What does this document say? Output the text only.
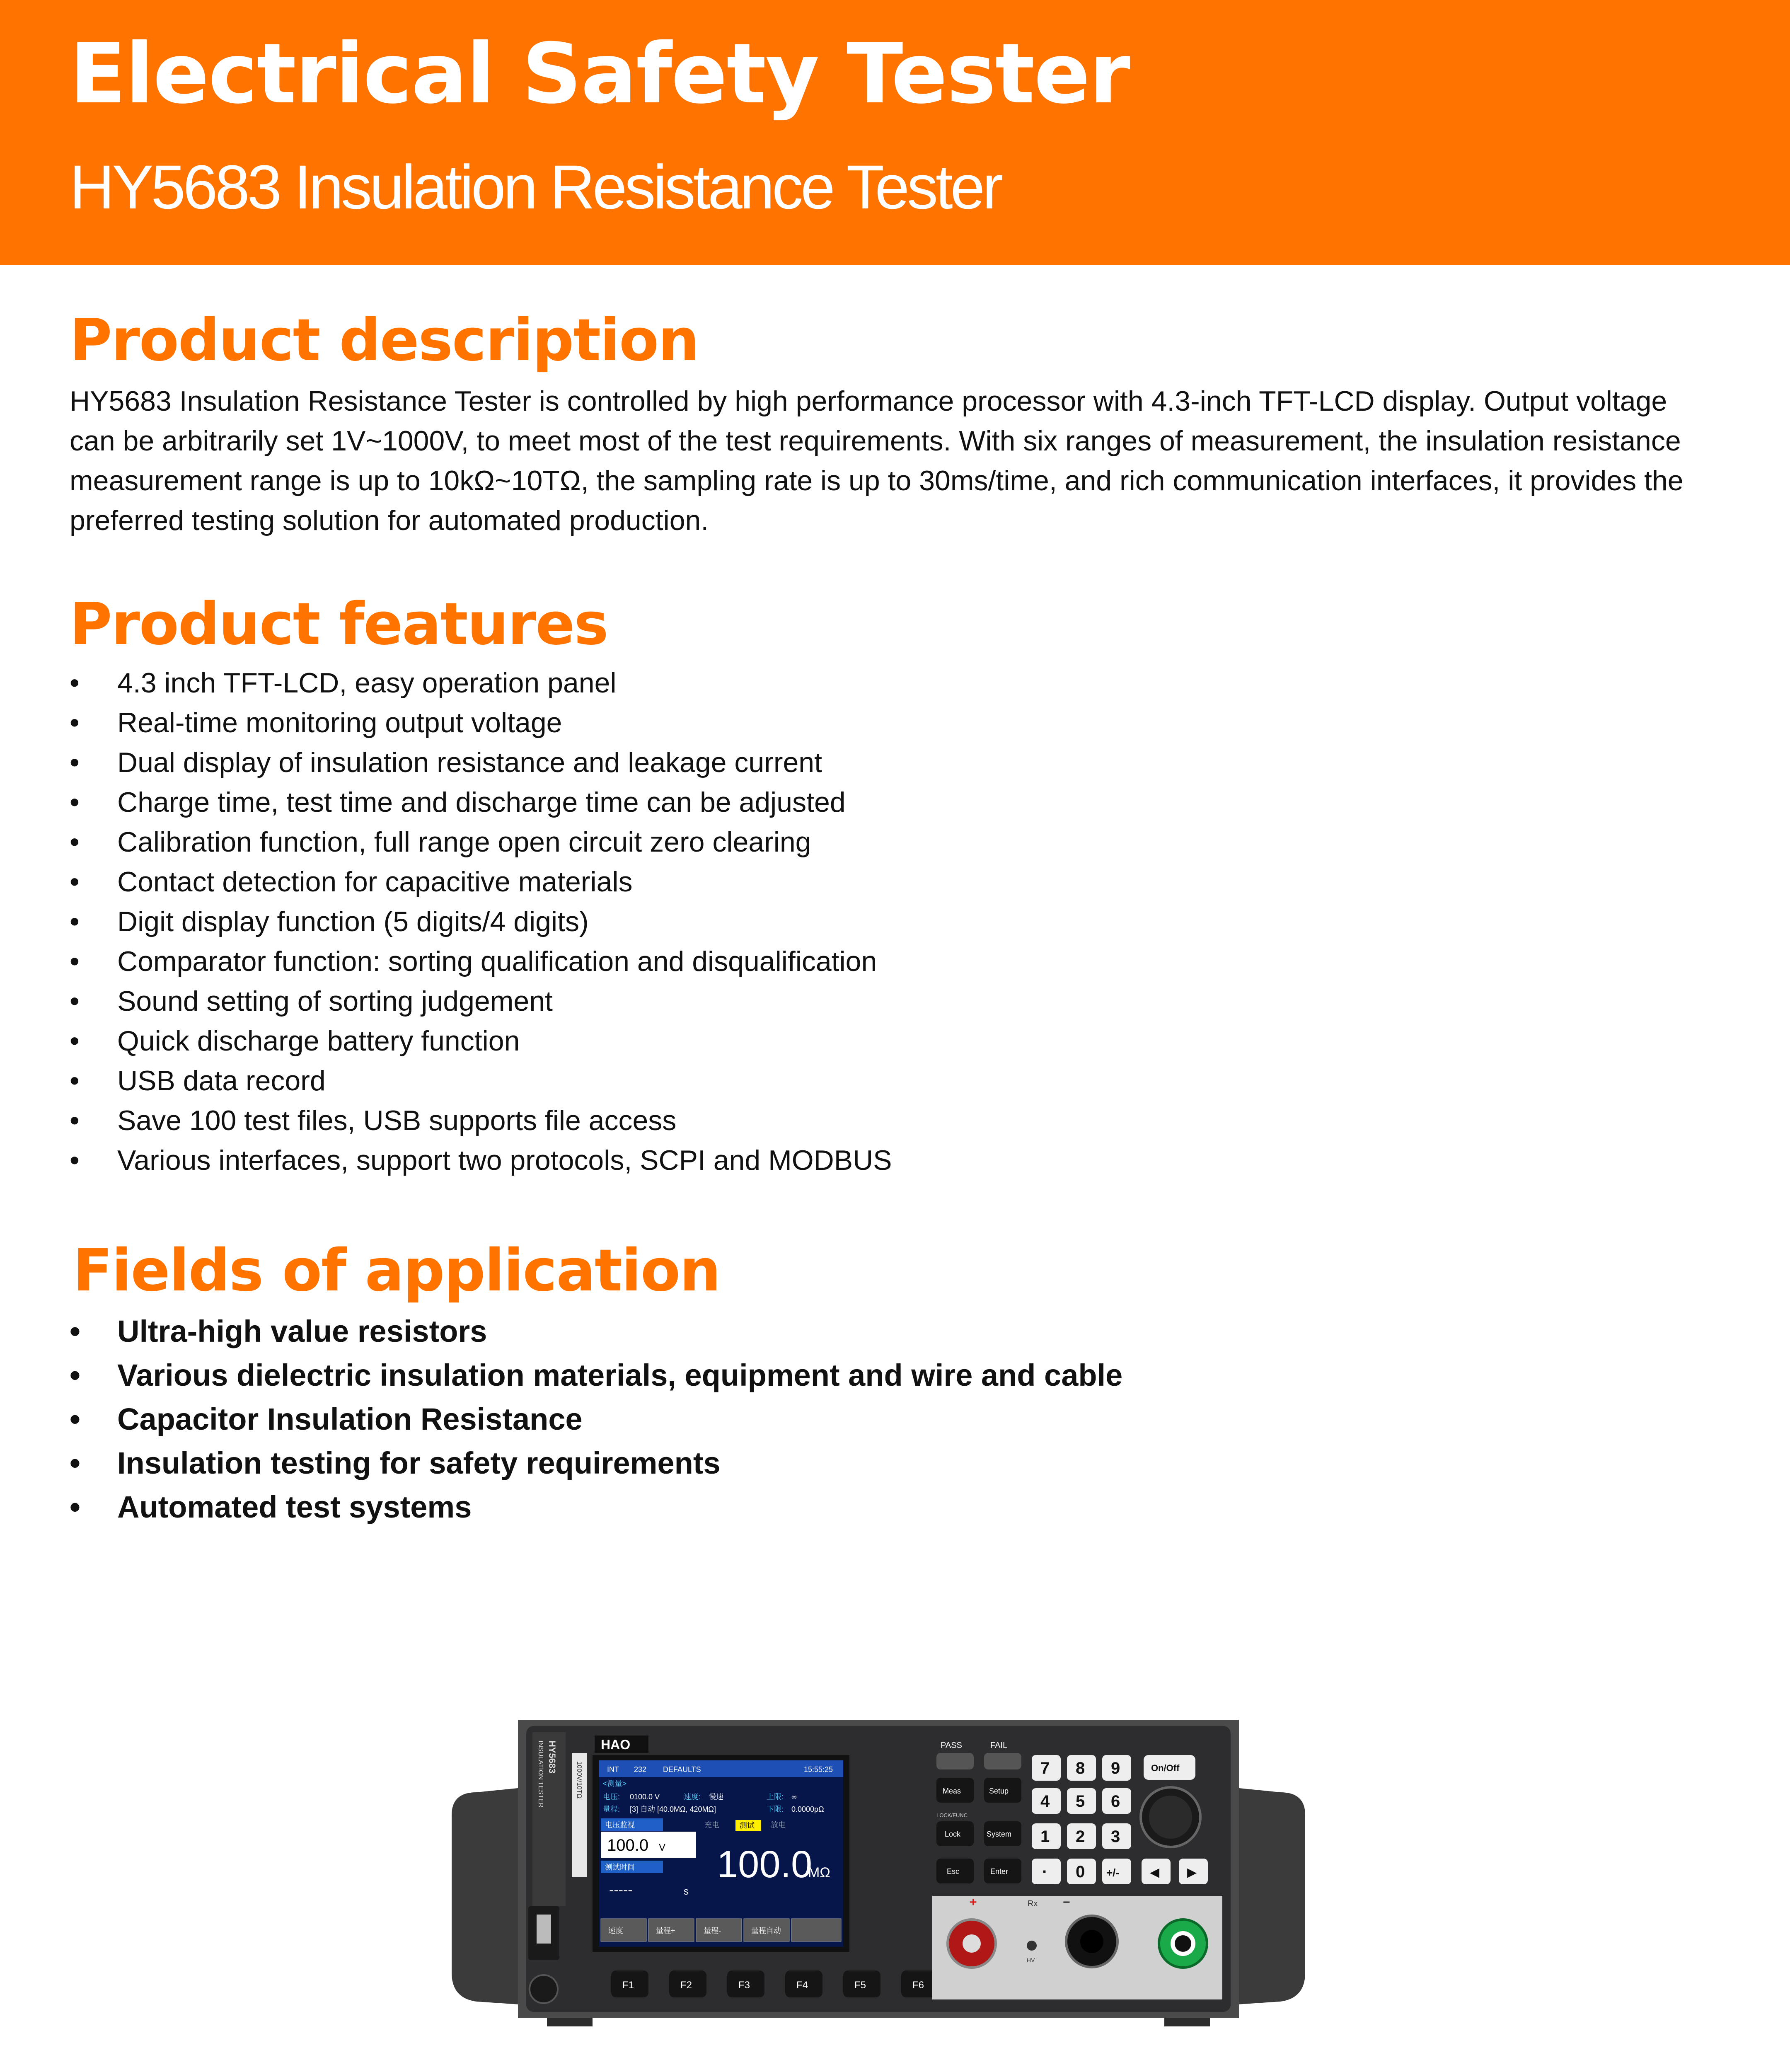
Electrical Safety Tester
HY5683 Insulation Resistance Tester
Product description

HY5683 Insulation Resistance Tester is controlled by high performance processor with 4.3-inch TFT-LCD display. Output voltage can be arbitrarily set 1V~1000V, to meet most of the test requirements. With six ranges of measurement, the insulation resistance measurement range is up to 10kΩ~10TΩ, the sampling rate is up to 30ms/time, and rich communication interfaces, it provides the preferred testing solution for automated production.

Product features
• 4.3 inch TFT-LCD, easy operation panel
• Real-time monitoring output voltage
• Dual display of insulation resistance and leakage current
• Charge time, test time and discharge time can be adjusted
• Calibration function, full range open circuit zero clearing
• Contact detection for capacitive materials
• Digit display function (5 digits/4 digits)
• Comparator function: sorting qualification and disqualification
• Sound setting of sorting judgement
• Quick discharge battery function
• USB data record
• Save 100 test files, USB supports file access
• Various interfaces, support two protocols, SCPI and MODBUS
Fields of application
• Ultra-high value resistors
• Various dielectric insulation materials, equipment and wire and cable
• Capacitor Insulation Resistance
• Insulation testing for safety requirements
• Automated test systems
HY5683
INSULATION TESTER	1000V/10TΩ
HAO
INT 232 DEFAULTS	15:55:25
<测量>
电压: 0100.0 V	速度: 慢速	上限: ∞
量程: [3] 自动 [40.0MΩ, 420MΩ]	下限: 0.0000pΩ
电压监视
100.0 V
测试时间
-----	s
充电	测试 放电
100.0
MΩ
速度	量程+	量程-	量程自动
F1	F2	F3	F4	F5	F6
PASS	FAIL
Meas	Setup
LOCK/FUNC
Lock	System
Esc	Enter
7 8 9
4 5 6
1 2 3
· 0 +/-
On/Off
◀ ▶
+	Rx −
HV
